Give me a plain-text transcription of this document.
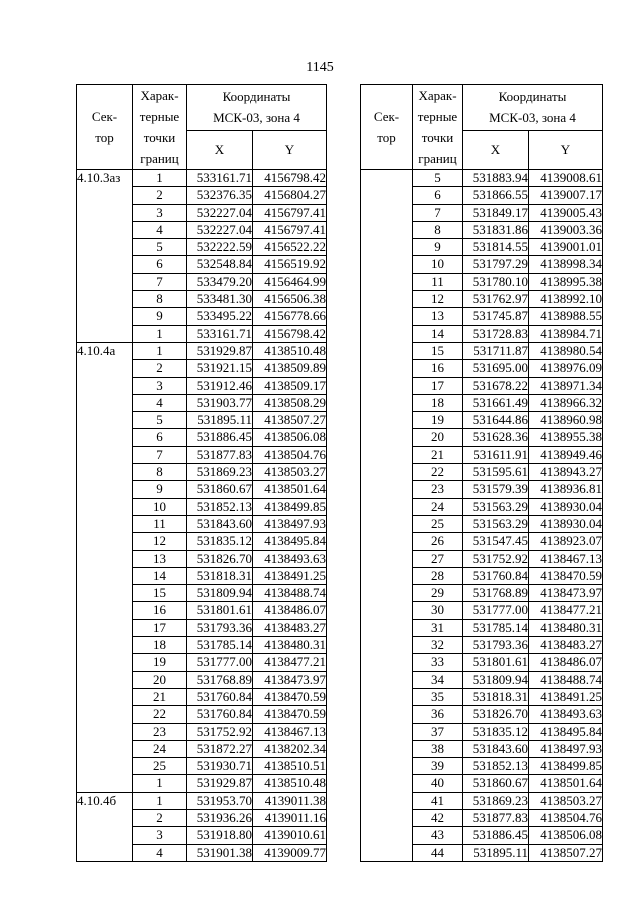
1145
Сек-
тор	Харак-
терные
точки
границ	Координаты
МСК-03, зона 4	

		X	Y
4.10.3аз	1	533161.71	4156798.42
	2	532376.35	4156804.27
	3	532227.04	4156797.41
	4	532227.04	4156797.41
	5	532222.59	4156522.22
	6	532548.84	4156519.92
	7	533479.20	4156464.99
	8	533481.30	4156506.38
	9	533495.22	4156778.66
	1	533161.71	4156798.42
4.10.4а	1	531929.87	4138510.48
	2	531921.15	4138509.89
	3	531912.46	4138509.17
	4	531903.77	4138508.29
	5	531895.11	4138507.27
	6	531886.45	4138506.08
	7	531877.83	4138504.76
	8	531869.23	4138503.27
	9	531860.67	4138501.64
	10	531852.13	4138499.85
	11	531843.60	4138497.93
	12	531835.12	4138495.84
	13	531826.70	4138493.63
	14	531818.31	4138491.25
	15	531809.94	4138488.74
	16	531801.61	4138486.07
	17	531793.36	4138483.27
	18	531785.14	4138480.31
	19	531777.00	4138477.21
	20	531768.89	4138473.97
	21	531760.84	4138470.59
	22	531760.84	4138470.59
	23	531752.92	4138467.13
	24	531872.27	4138202.34
	25	531930.71	4138510.51
	1	531929.87	4138510.48
4.10.4б	1	531953.70	4139011.38
	2	531936.26	4139011.16
	3	531918.80	4139010.61
	4	531901.38	4139009.77
Сек-
тор	Харак-
терные
точки
границ	Координаты
МСК-03, зона 4	

		X	Y
	5	531883.94	4139008.61
	6	531866.55	4139007.17
	7	531849.17	4139005.43
	8	531831.86	4139003.36
	9	531814.55	4139001.01
	10	531797.29	4138998.34
	11	531780.10	4138995.38
	12	531762.97	4138992.10
	13	531745.87	4138988.55
	14	531728.83	4138984.71
	15	531711.87	4138980.54
	16	531695.00	4138976.09
	17	531678.22	4138971.34
	18	531661.49	4138966.32
	19	531644.86	4138960.98
	20	531628.36	4138955.38
	21	531611.91	4138949.46
	22	531595.61	4138943.27
	23	531579.39	4138936.81
	24	531563.29	4138930.04
	25	531563.29	4138930.04
	26	531547.45	4138923.07
	27	531752.92	4138467.13
	28	531760.84	4138470.59
	29	531768.89	4138473.97
	30	531777.00	4138477.21
	31	531785.14	4138480.31
	32	531793.36	4138483.27
	33	531801.61	4138486.07
	34	531809.94	4138488.74
	35	531818.31	4138491.25
	36	531826.70	4138493.63
	37	531835.12	4138495.84
	38	531843.60	4138497.93
	39	531852.13	4138499.85
	40	531860.67	4138501.64
	41	531869.23	4138503.27
	42	531877.83	4138504.76
	43	531886.45	4138506.08
	44	531895.11	4138507.27
